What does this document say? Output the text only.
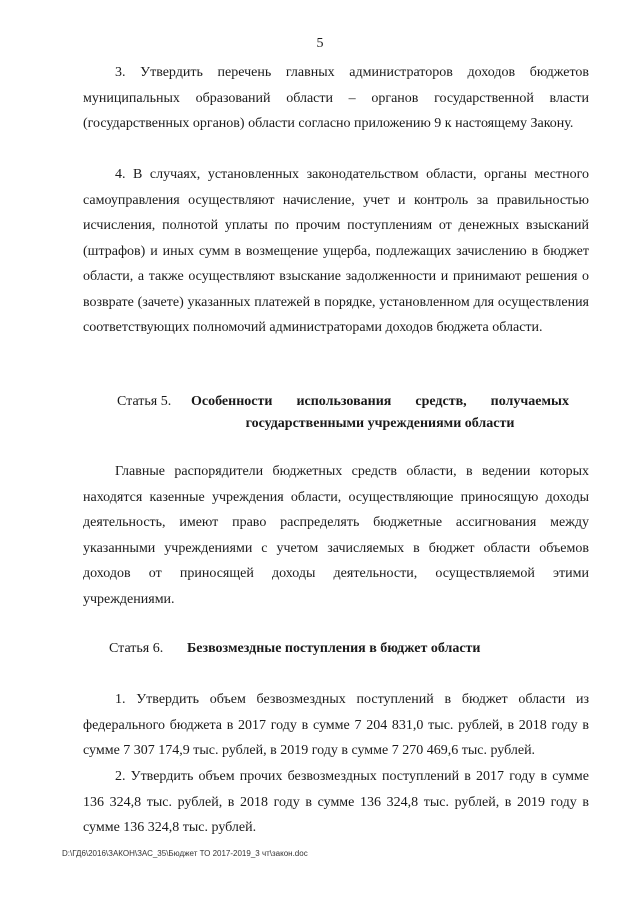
5

3. Утвердить перечень главных администраторов доходов бюджетов муниципальных образований области – органов государственной власти (государственных органов) области согласно приложению 9 к настоящему Закону.

4. В случаях, установленных законодательством области, органы местного самоуправления осуществляют начисление, учет и контроль за правильностью исчисления, полнотой уплаты по прочим поступлениям от денежных взысканий (штрафов) и иных сумм в возмещение ущерба, подлежащих зачислению в бюджет области, а также осуществляют взыскание задолженности и принимают решения о возврате (зачете) указанных платежей в порядке, установленном для осуществления соответствующих полномочий администраторами доходов бюджета области.

Статья 5. Особенности использования средств, получаемых государственными учреждениями области

Главные распорядители бюджетных средств области, в ведении которых находятся казенные учреждения области, осуществляющие приносящую доходы деятельность, имеют право распределять бюджетные ассигнования между указанными учреждениями с учетом зачисляемых в бюджет области объемов доходов от приносящей доходы деятельности, осуществляемой этими учреждениями.

Статья 6. Безвозмездные поступления в бюджет области

1. Утвердить объем безвозмездных поступлений в бюджет области из федерального бюджета в 2017 году в сумме 7 204 831,0 тыс. рублей, в 2018 году в сумме 7 307 174,9 тыс. рублей, в 2019 году в сумме 7 270 469,6 тыс. рублей.

2. Утвердить объем прочих безвозмездных поступлений в 2017 году в сумме 136 324,8 тыс. рублей, в 2018 году в сумме 136 324,8 тыс. рублей, в 2019 году в сумме 136 324,8 тыс. рублей.

D:\ГД6\2016\ЗАКОН\ЗАС_35\Бюджет ТО 2017-2019_3 чт\закон.doc
